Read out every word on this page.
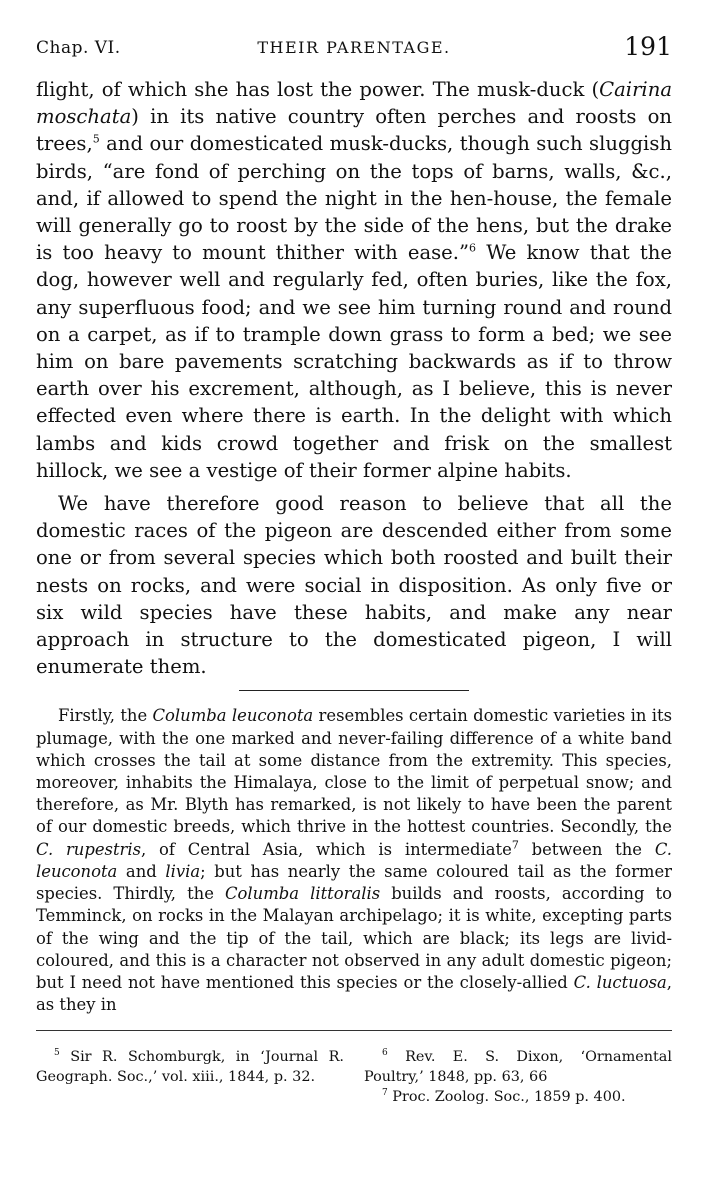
Chap. VI.	THEIR PARENTAGE.	191

flight, of which she has lost the power. The musk-duck (Cairina moschata) in its native country often perches and roosts on trees,$^5$ and our domesticated musk-ducks, though such sluggish birds, “are fond of perching on the tops of barns, walls, &c., and, if allowed to spend the night in the hen-house, the female will generally go to roost by the side of the hens, but the drake is too heavy to mount thither with ease.”$^6$ We know that the dog, however well and regularly fed, often buries, like the fox, any superfluous food; and we see him turning round and round on a carpet, as if to trample down grass to form a bed; we see him on bare pavements scratching backwards as if to throw earth over his excrement, although, as I believe, this is never effected even where there is earth. In the delight with which lambs and kids crowd together and frisk on the smallest hillock, we see a vestige of their former alpine habits.

We have therefore good reason to believe that all the domestic races of the pigeon are descended either from some one or from several species which both roosted and built their nests on rocks, and were social in disposition. As only five or six wild species have these habits, and make any near approach in structure to the domesticated pigeon, I will enumerate them.

Firstly, the Columba leuconota resembles certain domestic varieties in its plumage, with the one marked and never-failing difference of a white band which crosses the tail at some distance from the extremity. This species, moreover, inhabits the Himalaya, close to the limit of perpetual snow; and therefore, as Mr. Blyth has remarked, is not likely to have been the parent of our domestic breeds, which thrive in the hottest countries. Secondly, the C. rupestris, of Central Asia, which is intermediate$^7$ between the C. leuconota and livia; but has nearly the same coloured tail as the former species. Thirdly, the Columba littoralis builds and roosts, according to Temminck, on rocks in the Malayan archipelago; it is white, excepting parts of the wing and the tip of the tail, which are black; its legs are livid-coloured, and this is a character not observed in any adult domestic pigeon; but I need not have mentioned this species or the closely-allied C. luctuosa, as they in

$^5$ Sir R. Schomburgk, in ‘Journal R. Geograph. Soc.,’ vol. xiii., 1844, p. 32.

$^6$ Rev. E. S. Dixon, ‘Ornamental Poultry,’ 1848, pp. 63, 66

$^7$ Proc. Zoolog. Soc., 1859 p. 400.
